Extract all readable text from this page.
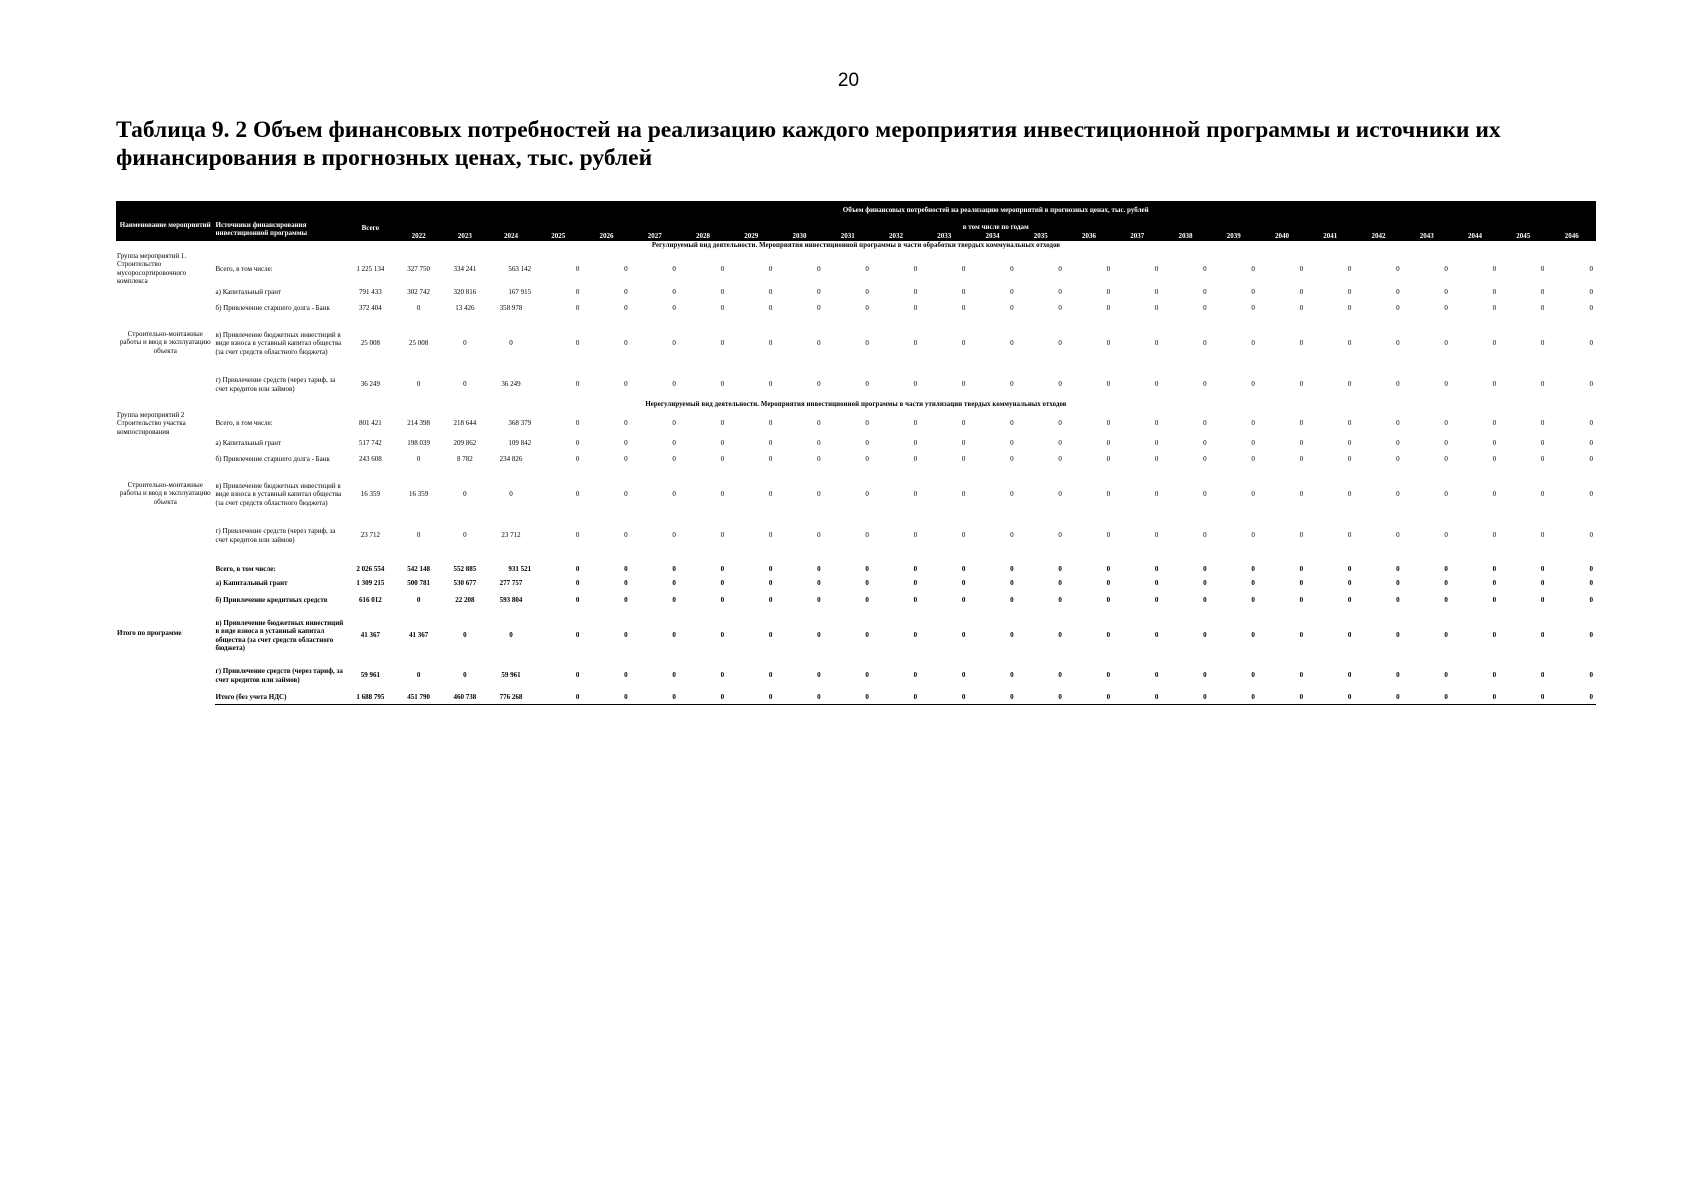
20
Таблица 9. 2 Объем финансовых потребностей на реализацию каждого мероприятия инвестиционной программы и источники их финансирования в прогнозных ценах, тыс. рублей
Наименование мероприятий	Источники финансирования инвестиционной программы	Всего	Объем финансовых потребностей на реализацию мероприятий в прогнозных ценах, тыс. рублей																								
			в том числе по годам																								
			2022	2023	2024	2025	2026	2027	2028	2029	2030	2031	2032	2033	2034	2035	2036	2037	2038	2039	2040	2041	2042	2043	2044	2045	2046
Регулируемый вид деятельности. Мероприятия инвестиционной программы в части обработки твердых коммунальных отходов																											
Группа мероприятий 1. Строительство мусоросортировочного комплекса	Всего, в том числе:	1 225 134	327 750	334 241	563 142	0	0	0	0	0	0	0	0	0	0	0	0	0	0	0	0	0	0	0	0	0	0
Строительно-монтажные работы и ввод в эксплуатацию объекта	а) Капитальный грант	791 433	302 742	320 816	167 915	0	0	0	0	0	0	0	0	0	0	0	0	0	0	0	0	0	0	0	0	0	0
	б) Привлечение старшего долга - Банк	372 404	0	13 426	358 978	0	0	0	0	0	0	0	0	0	0	0	0	0	0	0	0	0	0	0	0	0	0
	в) Привлечение бюджетных инвестиций в виде взноса в уставный капитал общества (за счет средств областного бюджета)	25 008	25 008	0	0	0	0	0	0	0	0	0	0	0	0	0	0	0	0	0	0	0	0	0	0	0	0
	г) Привлечение средств (через тариф, за счет кредитов или займов)	36 249	0	0	36 249	0	0	0	0	0	0	0	0	0	0	0	0	0	0	0	0	0	0	0	0	0	0
Нерегулируемый вид деятельности. Мероприятия инвестиционной программы в части утилизации твердых коммунальных отходов																											
Группа мероприятий 2 Строительство участка компостирования	Всего, в том числе:	801 421	214 398	218 644	368 379	0	0	0	0	0	0	0	0	0	0	0	0	0	0	0	0	0	0	0	0	0	0
Строительно-монтажные работы и ввод в эксплуатацию объекта	а) Капитальный грант	517 742	198 039	209 862	109 842	0	0	0	0	0	0	0	0	0	0	0	0	0	0	0	0	0	0	0	0	0	0
	б) Привлечение старшего долга - Банк	243 608	0	8 782	234 826	0	0	0	0	0	0	0	0	0	0	0	0	0	0	0	0	0	0	0	0	0	0
	в) Привлечение бюджетных инвестиций в виде взноса в уставный капитал общества (за счет средств областного бюджета)	16 359	16 359	0	0	0	0	0	0	0	0	0	0	0	0	0	0	0	0	0	0	0	0	0	0	0	0
	г) Привлечение средств (через тариф, за счет кредитов или займов)	23 712	0	0	23 712	0	0	0	0	0	0	0	0	0	0	0	0	0	0	0	0	0	0	0	0	0	0

Итого по программе	Всего, в том числе:	2 026 554	542 148	552 885	931 521	0	0	0	0	0	0	0	0	0	0	0	0	0	0	0	0	0	0	0	0	0	0
	а) Капитальный грант	1 309 215	500 781	530 677	277 757	0	0	0	0	0	0	0	0	0	0	0	0	0	0	0	0	0	0	0	0	0	0
	б) Привлечение кредитных средств	616 012	0	22 208	593 804	0	0	0	0	0	0	0	0	0	0	0	0	0	0	0	0	0	0	0	0	0	0
	в) Привлечение бюджетных инвестиций в виде взноса в уставный капитал общества (за счет средств областного бюджета)	41 367	41 367	0	0	0	0	0	0	0	0	0	0	0	0	0	0	0	0	0	0	0	0	0	0	0	0
	г) Привлечение средств (через тариф, за счет кредитов или займов)	59 961	0	0	59 961	0	0	0	0	0	0	0	0	0	0	0	0	0	0	0	0	0	0	0	0	0	0
	Итого (без учета НДС)	1 688 795	451 790	460 738	776 268	0	0	0	0	0	0	0	0	0	0	0	0	0	0	0	0	0	0	0	0	0	0
